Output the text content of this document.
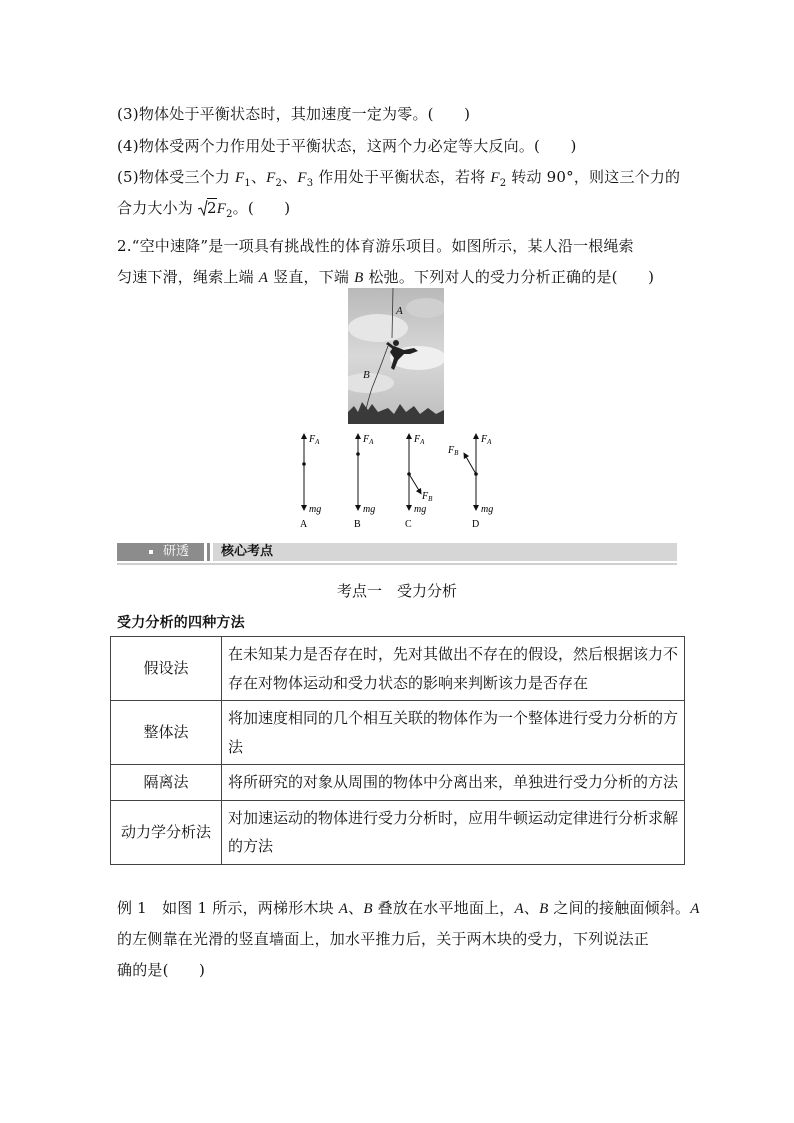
(3)物体处于平衡状态时，其加速度一定为零。(　　)
(4)物体受两个力作用处于平衡状态，这两个力必定等大反向。(　　)
(5)物体受三个力 $F_1$、$F_2$、$F_3$ 作用处于平衡状态，若将 $F_2$ 转动 90°，则这三个力的
合力大小为
$2F_2$。(　　)
2.“空中速降”是一项具有挑战性的体育游乐项目。如图所示，某人沿一根绳索
匀速下滑，绳索上端 A 竖直，下端 B 松弛。下列对人的受力分析正确的是(　　)
A
B
$F_A$
mg
A
$F_A$
mg
B
$F_A$
$F_B$
mg
C
$F_A$
$F_B$
mg
D
研透 核心考点
考点一　受力分析
受力分析的四种方法
假设法	在未知某力是否存在时，先对其做出不存在的假设，然后根据该力不存在对物体运动和受力状态的影响来判断该力是否存在
整体法	将加速度相同的几个相互关联的物体作为一个整体进行受力分析的方法
隔离法	将所研究的对象从周围的物体中分离出来，单独进行受力分析的方法
动力学分析法	对加速运动的物体进行受力分析时，应用牛顿运动定律进行分析求解的方法
例 1　如图 1 所示，两梯形木块 A、B 叠放在水平地面上，A、B 之间的接触面倾斜。A
的左侧靠在光滑的竖直墙面上，加水平推力后，关于两木块的受力，下列说法正
确的是(　　)
